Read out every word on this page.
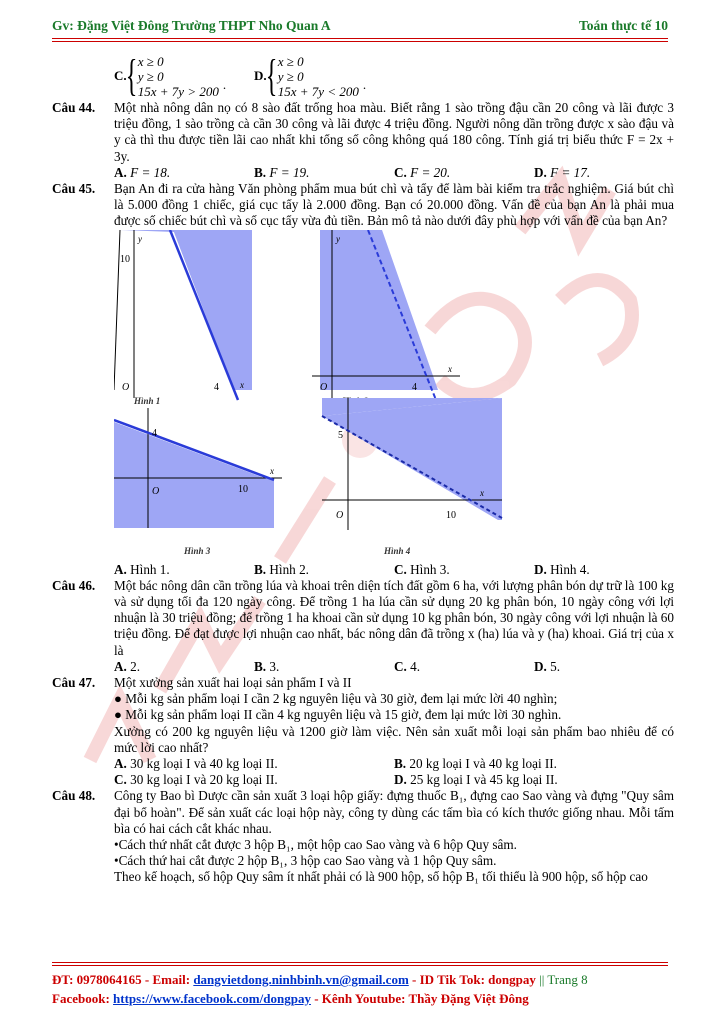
Gv: Đặng Việt Đông Trường THPT Nho Quan A	Toán thực tế 10
C.
{ x ≥ 0
y ≥ 0
15x + 7y > 200 .
D.
{ x ≥ 0
y ≥ 0
15x + 7y < 200 .
Câu 44. Một nhà nông dân nọ có 8 sào đất trống hoa màu. Biết rằng 1 sào trồng đậu cần 20 công và lãi được 3 triệu đồng, 1 sào trồng cà cần 30 công và lãi được 4 triệu đồng. Người nông dần trồng được x sào đậu và y cà thì thu được tiền lãi cao nhất khi tổng số công không quá 180 công. Tính giá trị biểu thức F = 2x + 3y.

A. F = 18.	B. F = 19.	C. F = 20.	D. F = 17.
Câu 45. Bạn An đi ra cửa hàng Văn phòng phẩm mua bút chì và tẩy để làm bài kiểm tra trắc nghiệm. Giá bút chì là 5.000 đồng 1 chiếc, giá cục tẩy là 2.000 đồng. Bạn có 20.000 đồng. Vấn đề của bạn An là phải mua được số chiếc bút chì và số cục tẩy vừa đủ tiền. Bản mô tả nào dưới đây phù hợp với vấn đề của bạn An?

10
4
O
y
x
Hình 1
4
O
y
x
4
10
O
x
Hình 3
5
10
O
x
Hình 4
A. Hình 1.	B. Hình 2.	C. Hình 3.	D. Hình 4.
Câu 46. Một bác nông dân cần trồng lúa và khoai trên diện tích đất gồm 6 ha, với lượng phân bón dự trữ là 100 kg và sử dụng tối đa 120 ngày công. Để trồng 1 ha lúa cần sử dụng 20 kg phân bón, 10 ngày công với lợi nhuận là 30 triệu đồng; để trồng 1 ha khoai cần sử dụng 10 kg phân bón, 30 ngày công với lợi nhuận là 60 triệu đồng. Để đạt được lợi nhuận cao nhất, bác nông dân đã trồng x (ha) lúa và y (ha) khoai. Giá trị của x là

A. 2.	B. 3.	C. 4.	D. 5.
Câu 47. Một xưởng sản xuất hai loại sản phẩm I và II

● Mỗi kg sản phẩm loại I cần 2 kg nguyên liệu và 30 giờ, đem lại mức lời 40 nghìn;

● Mỗi kg sản phẩm loại II cần 4 kg nguyên liệu và 15 giờ, đem lại mức lời 30 nghìn.

Xưởng có 200 kg nguyên liệu và 1200 giờ làm việc. Nên sản xuất mỗi loại sản phẩm bao nhiêu để có mức lời cao nhất?

A. 30 kg loại I và 40 kg loại II.	B. 20 kg loại I và 40 kg loại II.
C. 30 kg loại I và 20 kg loại II.	D. 25 kg loại I và 45 kg loại II.
Câu 48. Công ty Bao bì Dược cần sản xuất 3 loại hộp giấy: đựng thuốc B₁, đựng cao Sao vàng và đựng "Quy sâm đại bổ hoàn". Để sản xuất các loại hộp này, công ty dùng các tấm bìa có kích thước giống nhau. Mỗi tấm bìa có hai cách cắt khác nhau.

•Cách thứ nhất cắt được 3 hộp B₁, một hộp cao Sao vàng và 6 hộp Quy sâm.

•Cách thứ hai cắt được 2 hộp B₁, 3 hộp cao Sao vàng và 1 hộp Quy sâm.

Theo kế hoạch, số hộp Quy sâm ít nhất phải có là 900 hộp, số hộp B₁ tối thiểu là 900 hộp, số hộp cao

ĐT: 0978064165 - Email: dangvietdong.ninhbinh.vn@gmail.com - ID Tik Tok: dongpay || Trang 8
Facebook: https://www.facebook.com/dongpay - Kênh Youtube: Thầy Đặng Việt Đông
